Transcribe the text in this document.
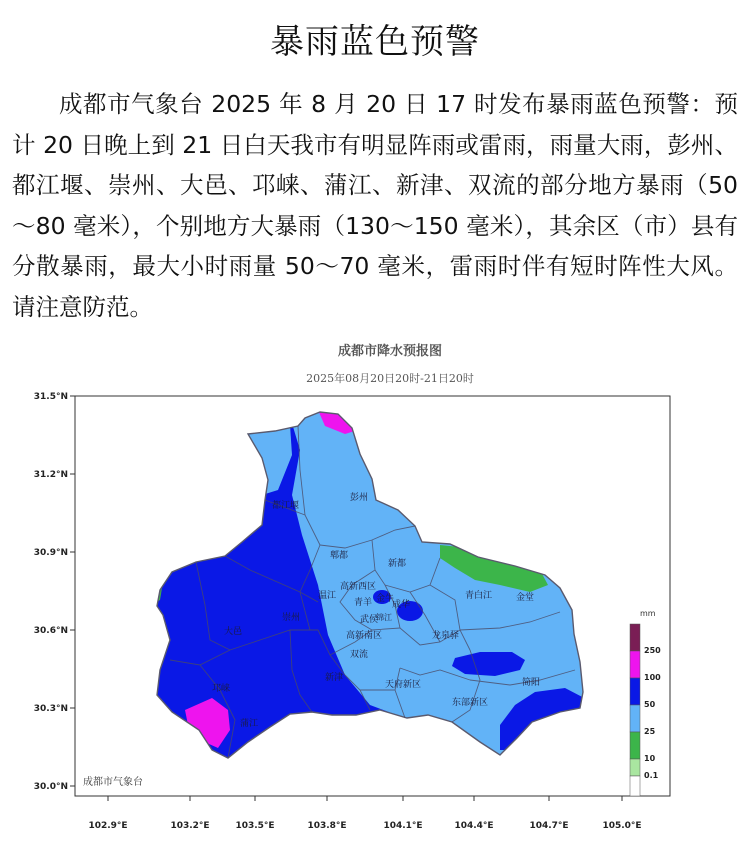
暴雨蓝色预警

成都市气象台 2025 年 8 月 20 日 17 时发布暴雨蓝色预警：预计 20 日晚上到 21 日白天我市有明显阵雨或雷雨，雨量大雨，彭州、都江堰、崇州、大邑、邛崃、蒲江、新津、双流的部分地方暴雨（50～80 毫米），个别地方大暴雨（130～150 毫米），其余区（市）县有分散暴雨，最大小时雨量 50～70 毫米，雷雨时伴有短时阵性大风。请注意防范。

成都市降水预报图
2025年08月20日20时-21日20时
都江堰
彭州
郫都
新都
温江
高新西区
青羊 金牛
成华
武侯
锦江
青白江	金堂
大邑
崇州
高新南区	龙泉驿
双流
新津
天府新区
邛崃
蒲江
东部新区
简阳
成都市气象台
31.5°N
31.2°N
30.9°N
30.6°N
30.3°N
30.0°N
102.9°E	103.2°E	103.5°E	103.8°E	104.1°E	104.4°E	104.7°E	105.0°E
mm
250
100
50
25
10
0.1
